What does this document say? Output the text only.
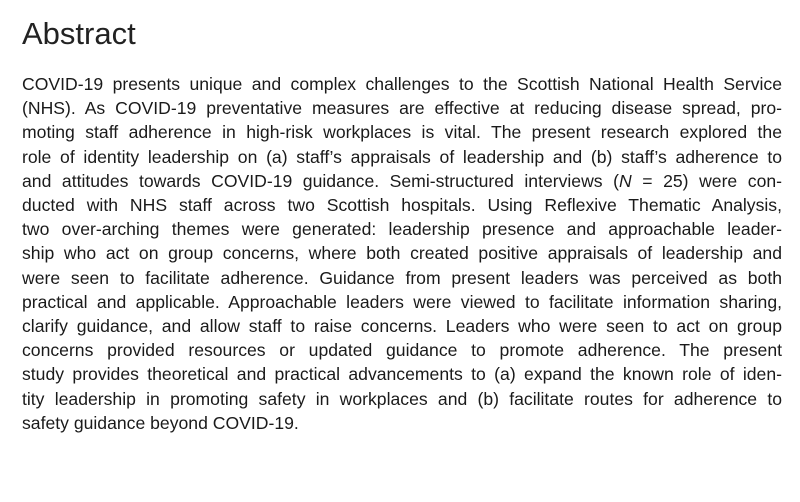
Abstract

COVID-19 presents unique and complex challenges to the Scottish National Health Service
(NHS). As COVID-19 preventative measures are effective at reducing disease spread, pro-
moting staff adherence in high-risk workplaces is vital. The present research explored the
role of identity leadership on (a) staff’s appraisals of leadership and (b) staff’s adherence to
and attitudes towards COVID-19 guidance. Semi-structured interviews (N = 25) were con-
ducted with NHS staff across two Scottish hospitals. Using Reflexive Thematic Analysis,
two over-arching themes were generated: leadership presence and approachable leader-
ship who act on group concerns, where both created positive appraisals of leadership and
were seen to facilitate adherence. Guidance from present leaders was perceived as both
practical and applicable. Approachable leaders were viewed to facilitate information sharing,
clarify guidance, and allow staff to raise concerns. Leaders who were seen to act on group
concerns provided resources or updated guidance to promote adherence. The present
study provides theoretical and practical advancements to (a) expand the known role of iden-
tity leadership in promoting safety in workplaces and (b) facilitate routes for adherence to
safety guidance beyond COVID-19.
